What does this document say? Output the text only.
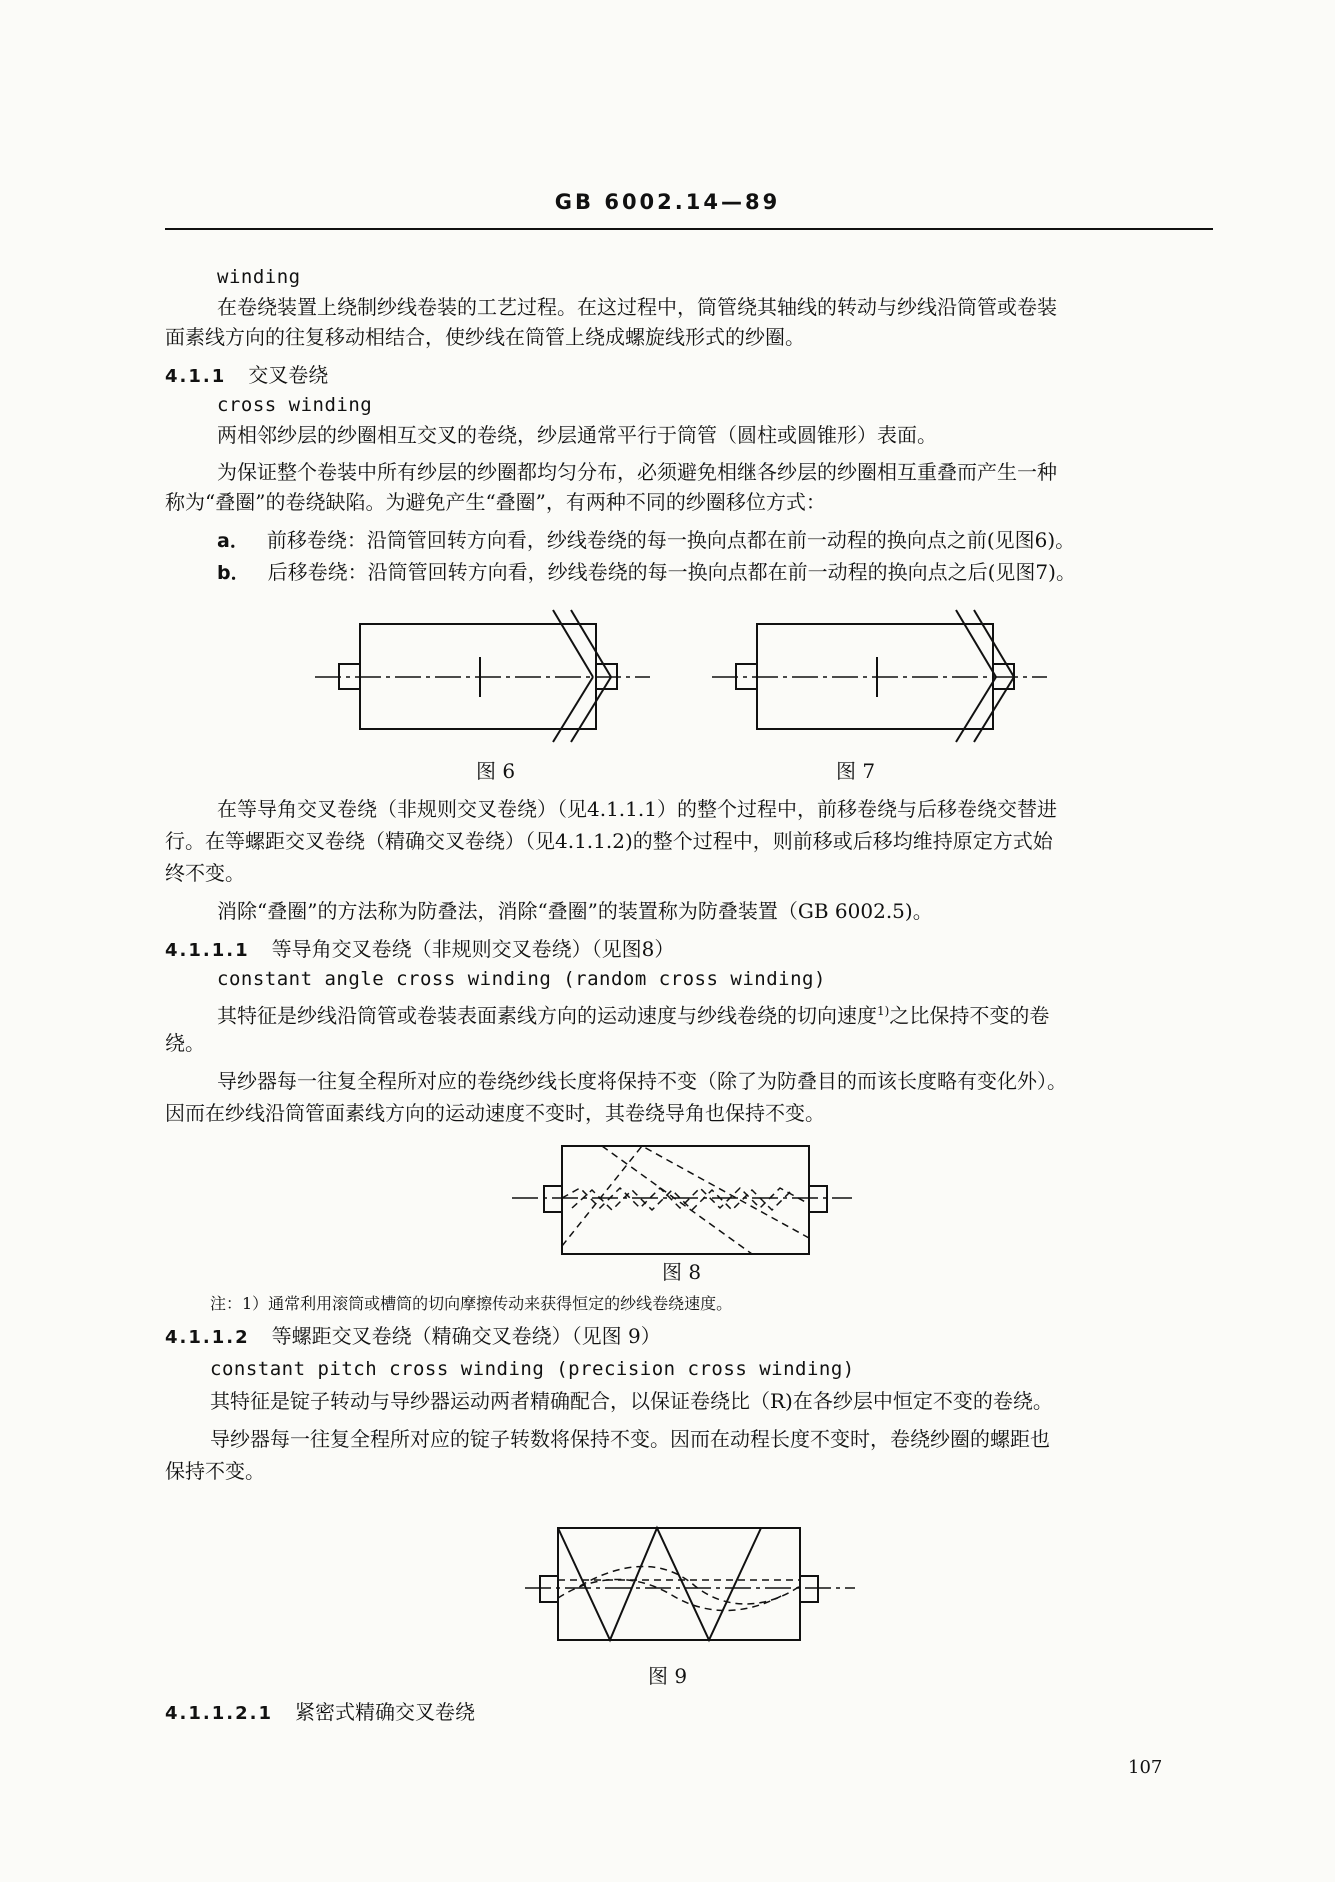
GB 6002.14—89
winding
在卷绕装置上绕制纱线卷装的工艺过程。在这过程中，筒管绕其轴线的转动与纱线沿筒管或卷装
面素线方向的往复移动相结合，使纱线在筒管上绕成螺旋线形式的纱圈。
4.1.1 交叉卷绕
cross winding
两相邻纱层的纱圈相互交叉的卷绕，纱层通常平行于筒管（圆柱或圆锥形）表面。
为保证整个卷装中所有纱层的纱圈都均匀分布，必须避免相继各纱层的纱圈相互重叠而产生一种
称为“叠圈”的卷绕缺陷。为避免产生“叠圈”，有两种不同的纱圈移位方式：
a． 前移卷绕：沿筒管回转方向看，纱线卷绕的每一换向点都在前一动程的换向点之前(见图6)。
b． 后移卷绕：沿筒管回转方向看，纱线卷绕的每一换向点都在前一动程的换向点之后(见图7)。
图 6	图 7
在等导角交叉卷绕（非规则交叉卷绕）（见4.1.1.1）的整个过程中，前移卷绕与后移卷绕交替进
行。在等螺距交叉卷绕（精确交叉卷绕）（见4.1.1.2)的整个过程中，则前移或后移均维持原定方式始
终不变。
消除“叠圈”的方法称为防叠法，消除“叠圈”的装置称为防叠装置（GB 6002.5)。
4.1.1.1 等导角交叉卷绕（非规则交叉卷绕）（见图8）
constant angle cross winding (random cross winding)
其特征是纱线沿筒管或卷装表面素线方向的运动速度与纱线卷绕的切向速度$^{1)}$之比保持不变的卷
绕。
导纱器每一往复全程所对应的卷绕纱线长度将保持不变（除了为防叠目的而该长度略有变化外）。
因而在纱线沿筒管面素线方向的运动速度不变时，其卷绕导角也保持不变。
图 8
注：1）通常利用滚筒或槽筒的切向摩擦传动来获得恒定的纱线卷绕速度。
4.1.1.2 等螺距交叉卷绕（精确交叉卷绕）（见图 9）
constant pitch cross winding (precision cross winding)
其特征是锭子转动与导纱器运动两者精确配合，以保证卷绕比（R)在各纱层中恒定不变的卷绕。
导纱器每一往复全程所对应的锭子转数将保持不变。因而在动程长度不变时，卷绕纱圈的螺距也
保持不变。
图 9
4.1.1.2.1 紧密式精确交叉卷绕
107
